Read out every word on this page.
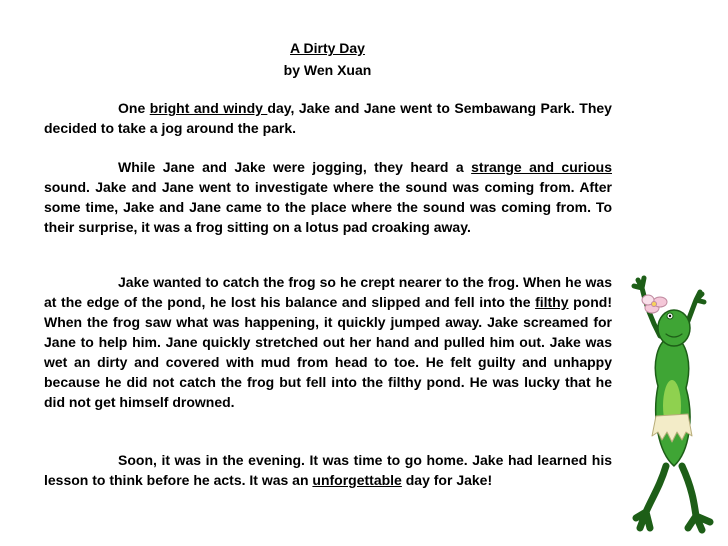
A Dirty Day
by Wen Xuan

One bright and windy day, Jake and Jane went to Sembawang Park. They decided to take a jog around the park.

While Jane and Jake were jogging, they heard a strange and curious sound. Jake and Jane went to investigate where the sound was coming from. After some time, Jake and Jane came to the place where the sound was coming from. To their surprise, it was a frog sitting on a lotus pad croaking away.

Jake wanted to catch the frog so he crept nearer to the frog. When he was at the edge of the pond, he lost his balance and slipped and fell into the filthy pond! When the frog saw what was happening, it quickly jumped away. Jake screamed for Jane to help him. Jane quickly stretched out her hand and pulled him out. Jake was wet an dirty and covered with mud from head to toe. He felt guilty and unhappy because he did not catch the frog but fell into the filthy pond. He was lucky that he did not get himself drowned.

Soon, it was in the evening. It was time to go home. Jake had learned his lesson to think before he acts. It was an unforgettable day for Jake!
